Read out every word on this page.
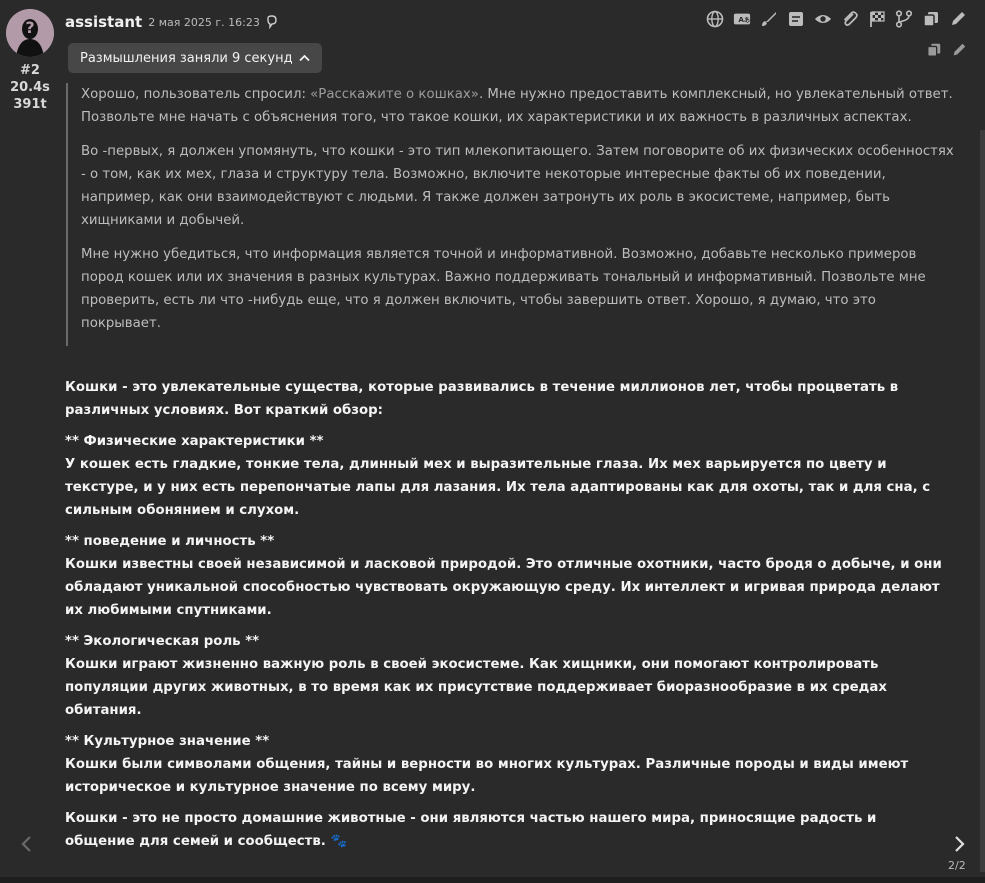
?
#2
20.4s
391t
assistant 2 мая 2025 г. 16:23	A あ
Размышления заняли 9 секунд

Хорошо, пользователь спросил: «Расскажите о кошках». Мне нужно предоставить комплексный, но увлекательный ответ. Позвольте мне начать с объяснения того, что такое кошки, их характеристики и их важность в различных аспектах.

Во -первых, я должен упомянуть, что кошки - это тип млекопитающего. Затем поговорите об их физических особенностях - о том, как их мех, глаза и структуру тела. Возможно, включите некоторые интересные факты об их поведении, например, как они взаимодействуют с людьми. Я также должен затронуть их роль в экосистеме, например, быть хищниками и добычей.

Мне нужно убедиться, что информация является точной и информативной. Возможно, добавьте несколько примеров пород кошек или их значения в разных культурах. Важно поддерживать тональный и информативный. Позвольте мне проверить, есть ли что -нибудь еще, что я должен включить, чтобы завершить ответ. Хорошо, я думаю, что это покрывает.

Кошки - это увлекательные существа, которые развивались в течение миллионов лет, чтобы процветать в различных условиях. Вот краткий обзор:

** Физические характеристики **
У кошек есть гладкие, тонкие тела, длинный мех и выразительные глаза. Их мех варьируется по цвету и текстуре, и у них есть перепончатые лапы для лазания. Их тела адаптированы как для охоты, так и для сна, с сильным обонянием и слухом.

** поведение и личность **
Кошки известны своей независимой и ласковой природой. Это отличные охотники, часто бродя о добыче, и они обладают уникальной способностью чувствовать окружающую среду. Их интеллект и игривая природа делают их любимыми спутниками.

** Экологическая роль **
Кошки играют жизненно важную роль в своей экосистеме. Как хищники, они помогают контролировать популяции других животных, в то время как их присутствие поддерживает биоразнообразие в их средах обитания.

** Культурное значение **
Кошки были символами общения, тайны и верности во многих культурах. Различные породы и виды имеют историческое и культурное значение по всему миру.

Кошки - это не просто домашние животные - они являются частью нашего мира, приносящие радость и общение для семей и сообществ. 🐾

2/2
